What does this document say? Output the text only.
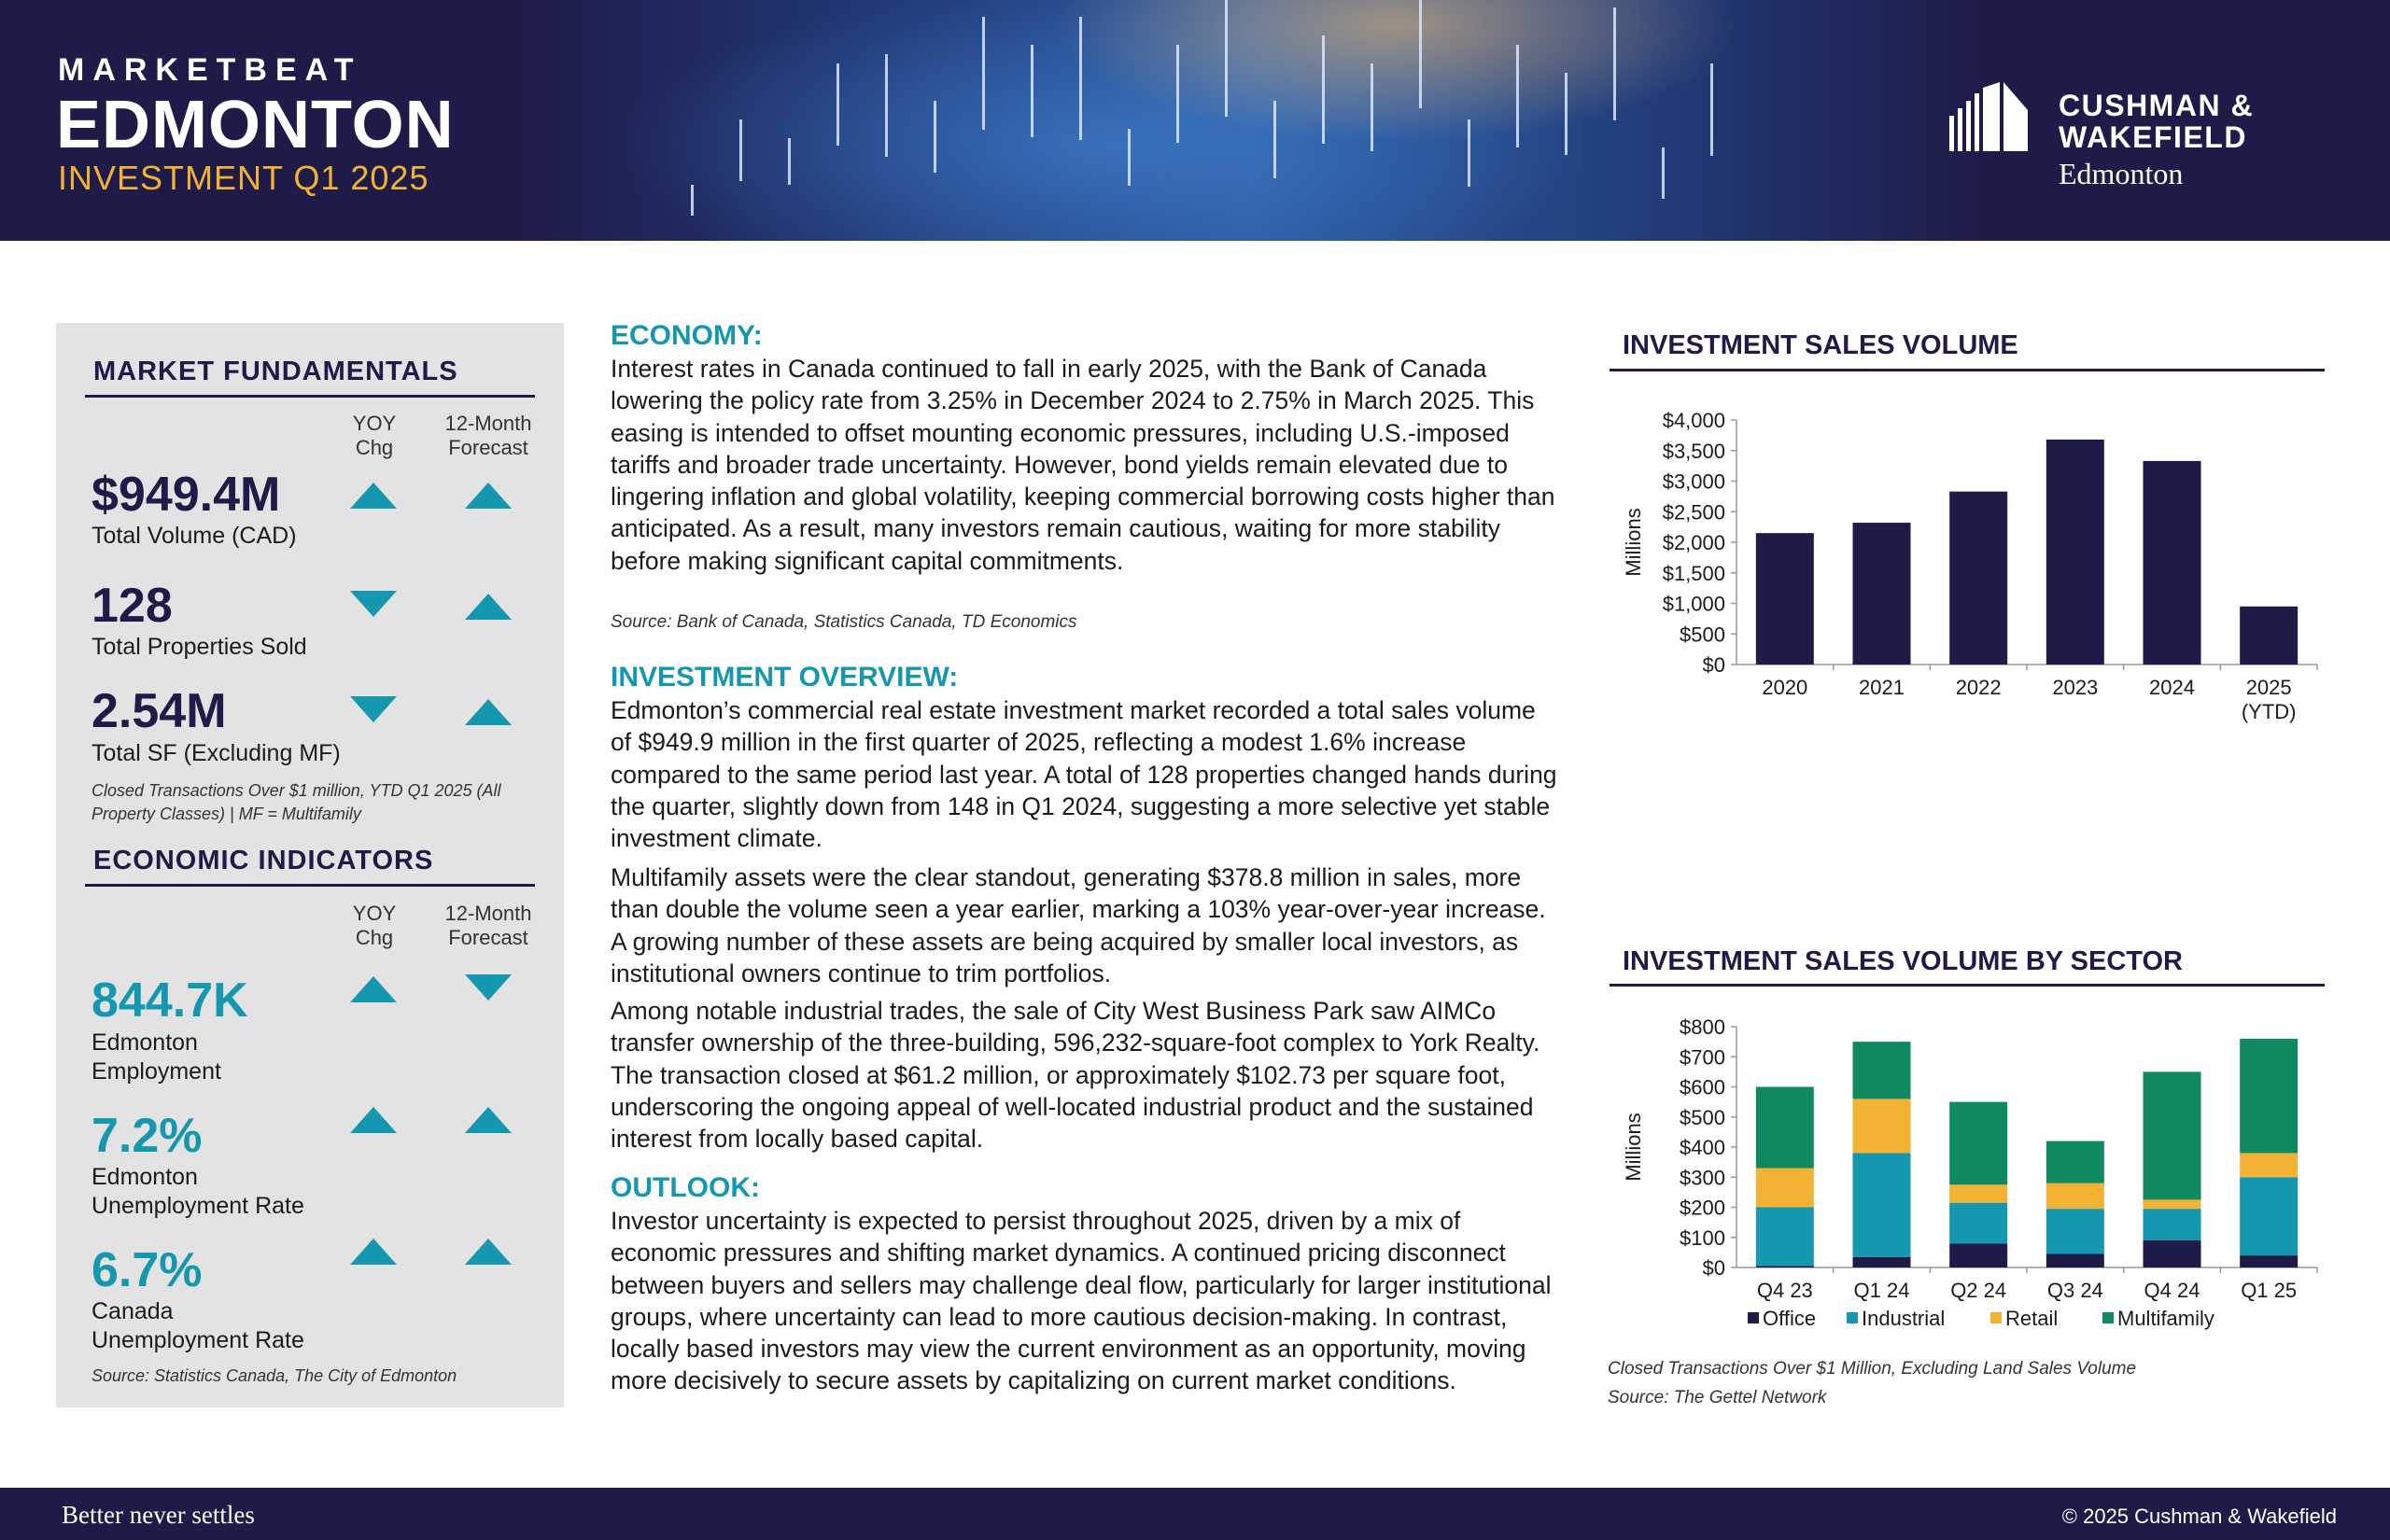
MARKETBEAT
EDMONTON
INVESTMENT Q1 2025
CUSHMAN &
WAKEFIELD
Edmonton
MARKET FUNDAMENTALS
YOY
Chg
12-Month
Forecast
$949.4M
Total Volume (CAD)
128
Total Properties Sold
2.54M
Total SF (Excluding MF)
Closed Transactions Over $1 million, YTD Q1 2025 (All Property Classes) | MF = Multifamily
ECONOMIC INDICATORS
YOY
Chg
12-Month
Forecast
844.7K
Edmonton
Employment
7.2%
Edmonton
Unemployment Rate
6.7%
Canada
Unemployment Rate
Source: Statistics Canada, The City of Edmonton
ECONOMY:
Interest rates in Canada continued to fall in early 2025, with the Bank of Canada lowering the policy rate from 3.25% in December 2024 to 2.75% in March 2025. This easing is intended to offset mounting economic pressures, including U.S.-imposed tariffs and broader trade uncertainty. However, bond yields remain elevated due to lingering inflation and global volatility, keeping commercial borrowing costs higher than anticipated. As a result, many investors remain cautious, waiting for more stability before making significant capital commitments.
Source: Bank of Canada, Statistics Canada, TD Economics
INVESTMENT OVERVIEW:
Edmonton’s commercial real estate investment market recorded a total sales volume of $949.9 million in the first quarter of 2025, reflecting a modest 1.6% increase compared to the same period last year. A total of 128 properties changed hands during the quarter, slightly down from 148 in Q1 2024, suggesting a more selective yet stable investment climate.
Multifamily assets were the clear standout, generating $378.8 million in sales, more than double the volume seen a year earlier, marking a 103% year-over-year increase. A growing number of these assets are being acquired by smaller local investors, as institutional owners continue to trim portfolios.
Among notable industrial trades, the sale of City West Business Park saw AIMCo transfer ownership of the three-building, 596,232-square-foot complex to York Realty. The transaction closed at $61.2 million, or approximately $102.73 per square foot, underscoring the ongoing appeal of well-located industrial product and the sustained interest from locally based capital.
OUTLOOK:
Investor uncertainty is expected to persist throughout 2025, driven by a mix of economic pressures and shifting market dynamics. A continued pricing disconnect between buyers and sellers may challenge deal flow, particularly for larger institutional groups, where uncertainty can lead to more cautious decision-making. In contrast, locally based investors may view the current environment as an opportunity, moving more decisively to secure assets by capitalizing on current market conditions.
INVESTMENT SALES VOLUME
$0
$500
$1,000
$1,500
$2,000
$2,500
$3,000
$3,500
$4,000
Millions
2020 2021 2022 2023 2024 2025
(YTD)
INVESTMENT SALES VOLUME BY SECTOR
$0
$100
$200
$300
$400
$500
$600
$700
$800
Millions
Q4 23 Q1 24 Q2 24 Q3 24 Q4 24 Q1 25
Office Industrial	Retail	Multifamily
Closed Transactions Over $1 Million, Excluding Land Sales Volume
Source: The Gettel Network
Better never settles	© 2025 Cushman & Wakefield
